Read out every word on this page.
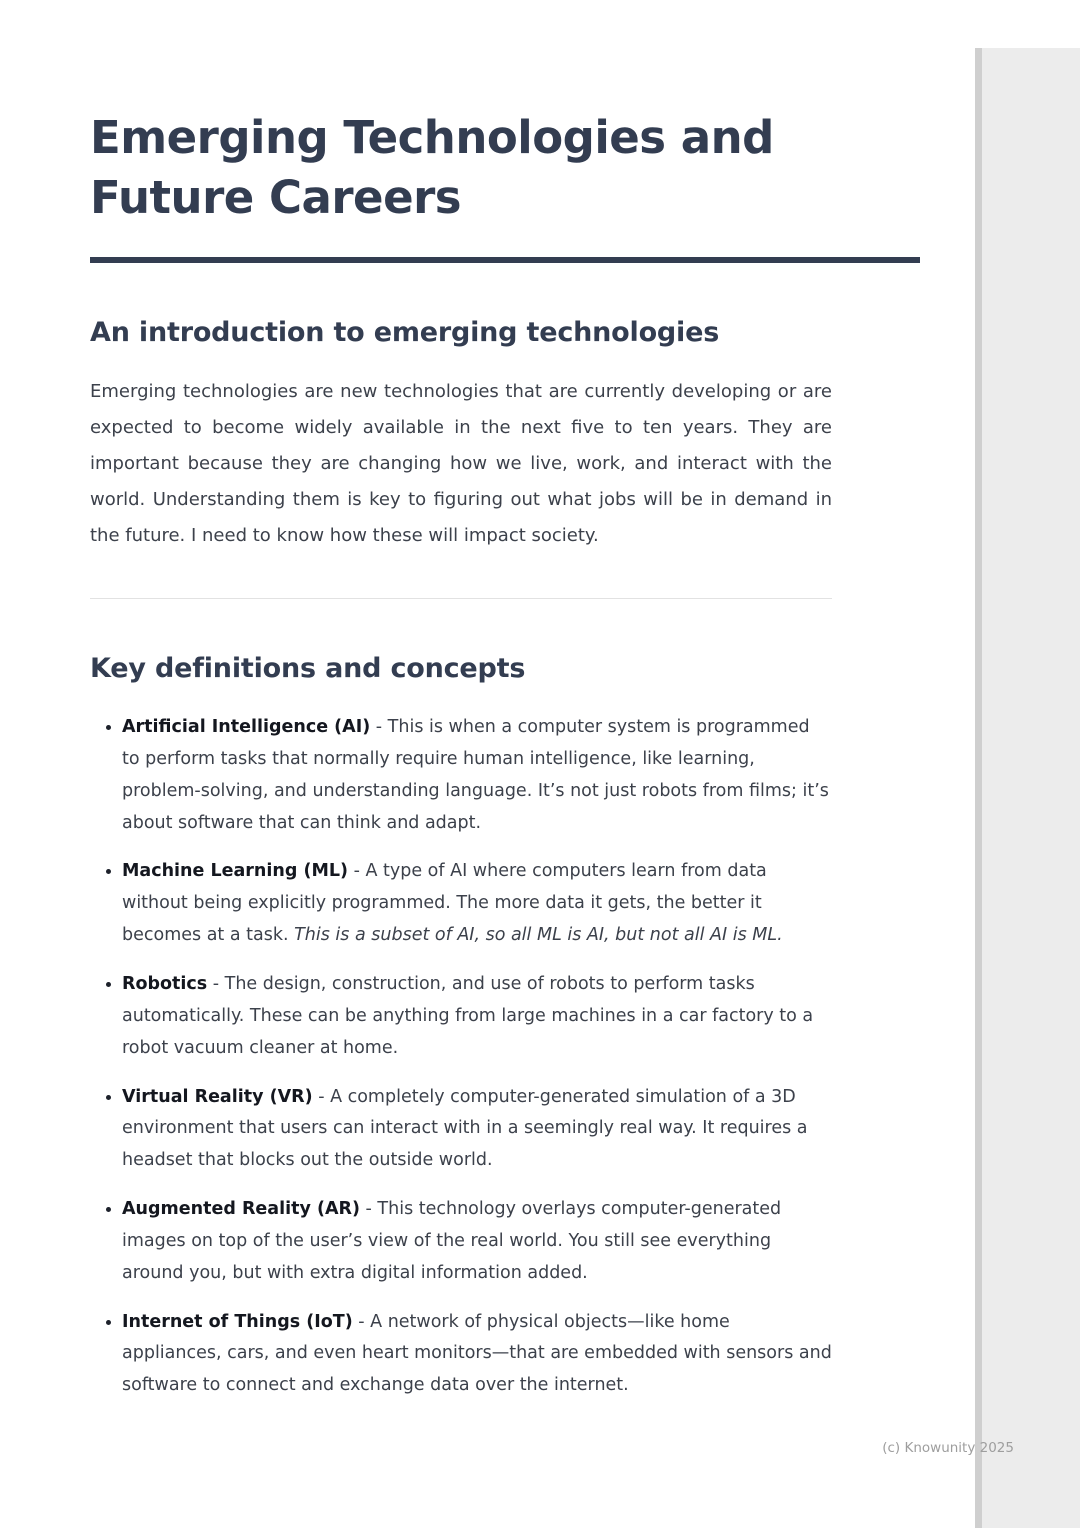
Emerging Technologies and
Future Careers
An introduction to emerging technologies

Emerging technologies are new technologies that are currently developing or are expected to become widely available in the next five to ten years. They are important because they are changing how we live, work, and interact with the world. Understanding them is key to figuring out what jobs will be in demand in the future. I need to know how these will impact society.

Key definitions and concepts
• Artificial Intelligence (AI) - This is when a computer system is programmed to perform tasks that normally require human intelligence, like learning, problem-solving, and understanding language. It’s not just robots from films; it’s about software that can think and adapt.
• Machine Learning (ML) - A type of AI where computers learn from data without being explicitly programmed. The more data it gets, the better it becomes at a task. This is a subset of AI, so all ML is AI, but not all AI is ML.
• Robotics - The design, construction, and use of robots to perform tasks automatically. These can be anything from large machines in a car factory to a robot vacuum cleaner at home.
• Virtual Reality (VR) - A completely computer-generated simulation of a 3D environment that users can interact with in a seemingly real way. It requires a headset that blocks out the outside world.
• Augmented Reality (AR) - This technology overlays computer-generated images on top of the user’s view of the real world. You still see everything around you, but with extra digital information added.
• Internet of Things (IoT) - A network of physical objects—like home appliances, cars, and even heart monitors—that are embedded with sensors and software to connect and exchange data over the internet.
(c) Knowunity 2025
